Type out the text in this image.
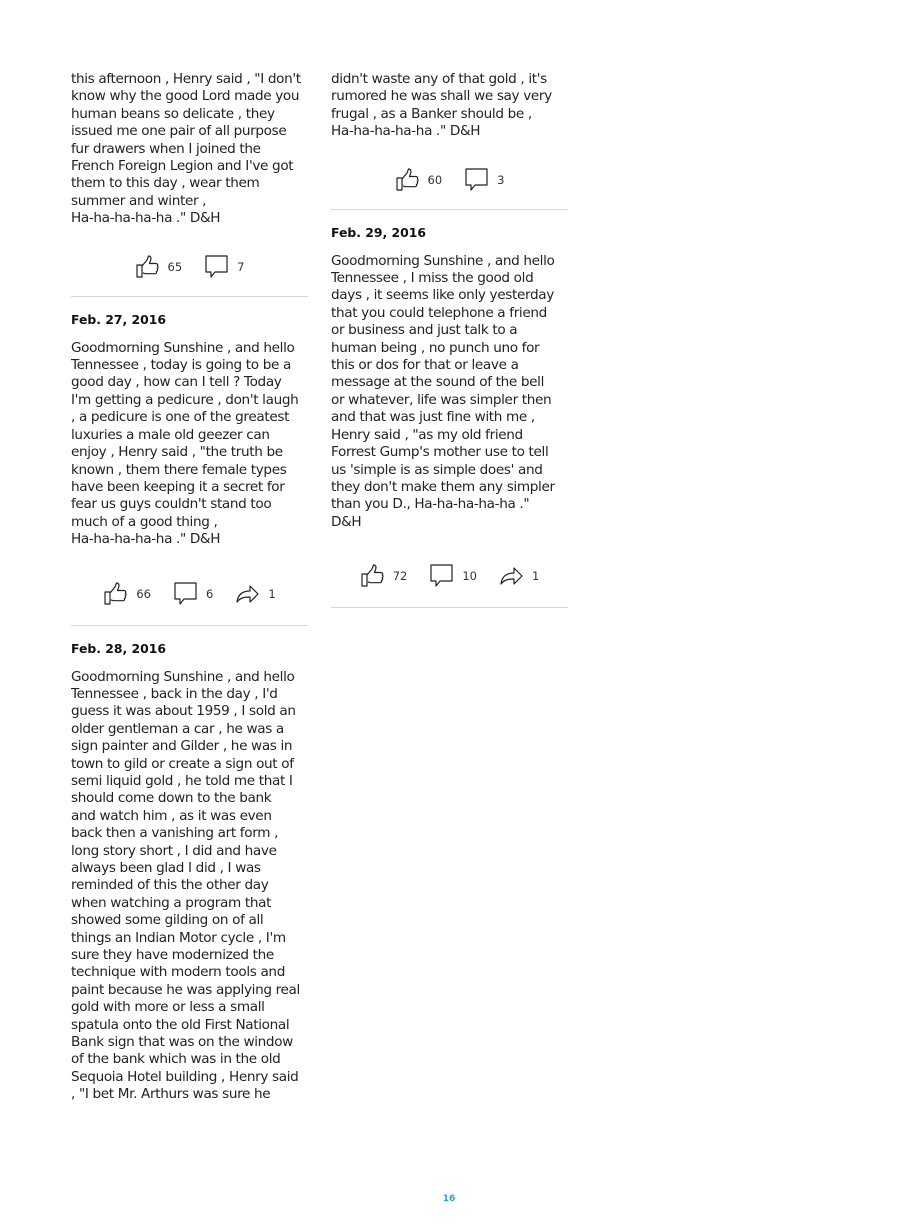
this afternoon , Henry said , "I don't
know why the good Lord made you
human beans so delicate , they
issued me one pair of all purpose
fur drawers when I joined the
French Foreign Legion and I've got
them to this day , wear them
summer and winter ,
Ha-ha-ha-ha-ha ." D&H

65	7

Feb. 27, 2016

Goodmorning Sunshine , and hello
Tennessee , today is going to be a
good day , how can I tell ? Today
I'm getting a pedicure , don't laugh
, a pedicure is one of the greatest
luxuries a male old geezer can
enjoy , Henry said , "the truth be
known , them there female types
have been keeping it a secret for
fear us guys couldn't stand too
much of a good thing ,
Ha-ha-ha-ha-ha ." D&H

66	6	1

Feb. 28, 2016

Goodmorning Sunshine , and hello
Tennessee , back in the day , I'd
guess it was about 1959 , I sold an
older gentleman a car , he was a
sign painter and Gilder , he was in
town to gild or create a sign out of
semi liquid gold , he told me that I
should come down to the bank
and watch him , as it was even
back then a vanishing art form ,
long story short , I did and have
always been glad I did , I was
reminded of this the other day
when watching a program that
showed some gilding on of all
things an Indian Motor cycle , I'm
sure they have modernized the
technique with modern tools and
paint because he was applying real
gold with more or less a small
spatula onto the old First National
Bank sign that was on the window
of the bank which was in the old
Sequoia Hotel building , Henry said
, "I bet Mr. Arthurs was sure he

didn't waste any of that gold , it's
rumored he was shall we say very
frugal , as a Banker should be ,
Ha-ha-ha-ha-ha ." D&H

60	3

Feb. 29, 2016

Goodmorning Sunshine , and hello
Tennessee , I miss the good old
days , it seems like only yesterday
that you could telephone a friend
or business and just talk to a
human being , no punch uno for
this or dos for that or leave a
message at the sound of the bell
or whatever, life was simpler then
and that was just fine with me ,
Henry said , "as my old friend
Forrest Gump's mother use to tell
us 'simple is as simple does' and
they don't make them any simpler
than you D., Ha-ha-ha-ha-ha ."
D&H

72	10	1
16
